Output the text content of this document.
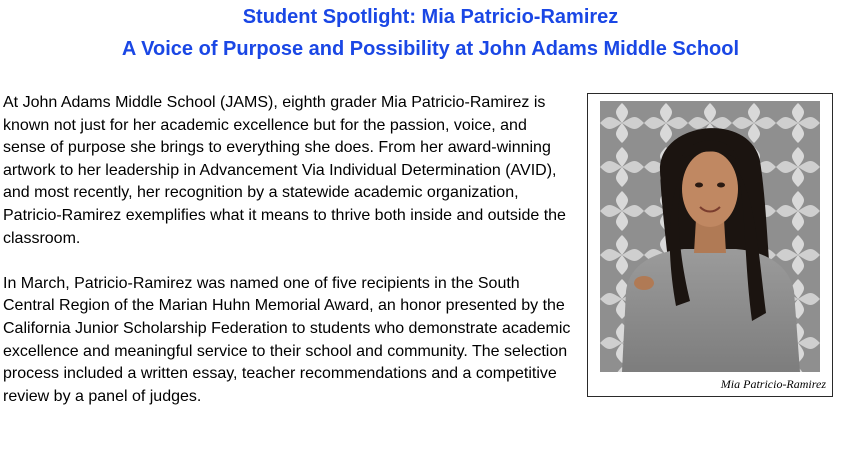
Student Spotlight: Mia Patricio-Ramirez
A Voice of Purpose and Possibility at John Adams Middle School
Mia Patricio-Ramirez

At John Adams Middle School (JAMS), eighth grader Mia Patricio-Ramirez is known not just for her academic excellence but for the passion, voice, and sense of purpose she brings to everything she does. From her award-winning artwork to her leadership in Advancement Via Individual Determination (AVID), and most recently, her recognition by a statewide academic organization, Patricio-Ramirez exemplifies what it means to thrive both inside and outside the classroom.

In March, Patricio-Ramirez was named one of five recipients in the South Central Region of the Marian Huhn Memorial Award, an honor presented by the California Junior Scholarship Federation to students who demonstrate academic excellence and meaningful service to their school and community. The selection process included a written essay, teacher recommendations and a competitive review by a panel of judges.
